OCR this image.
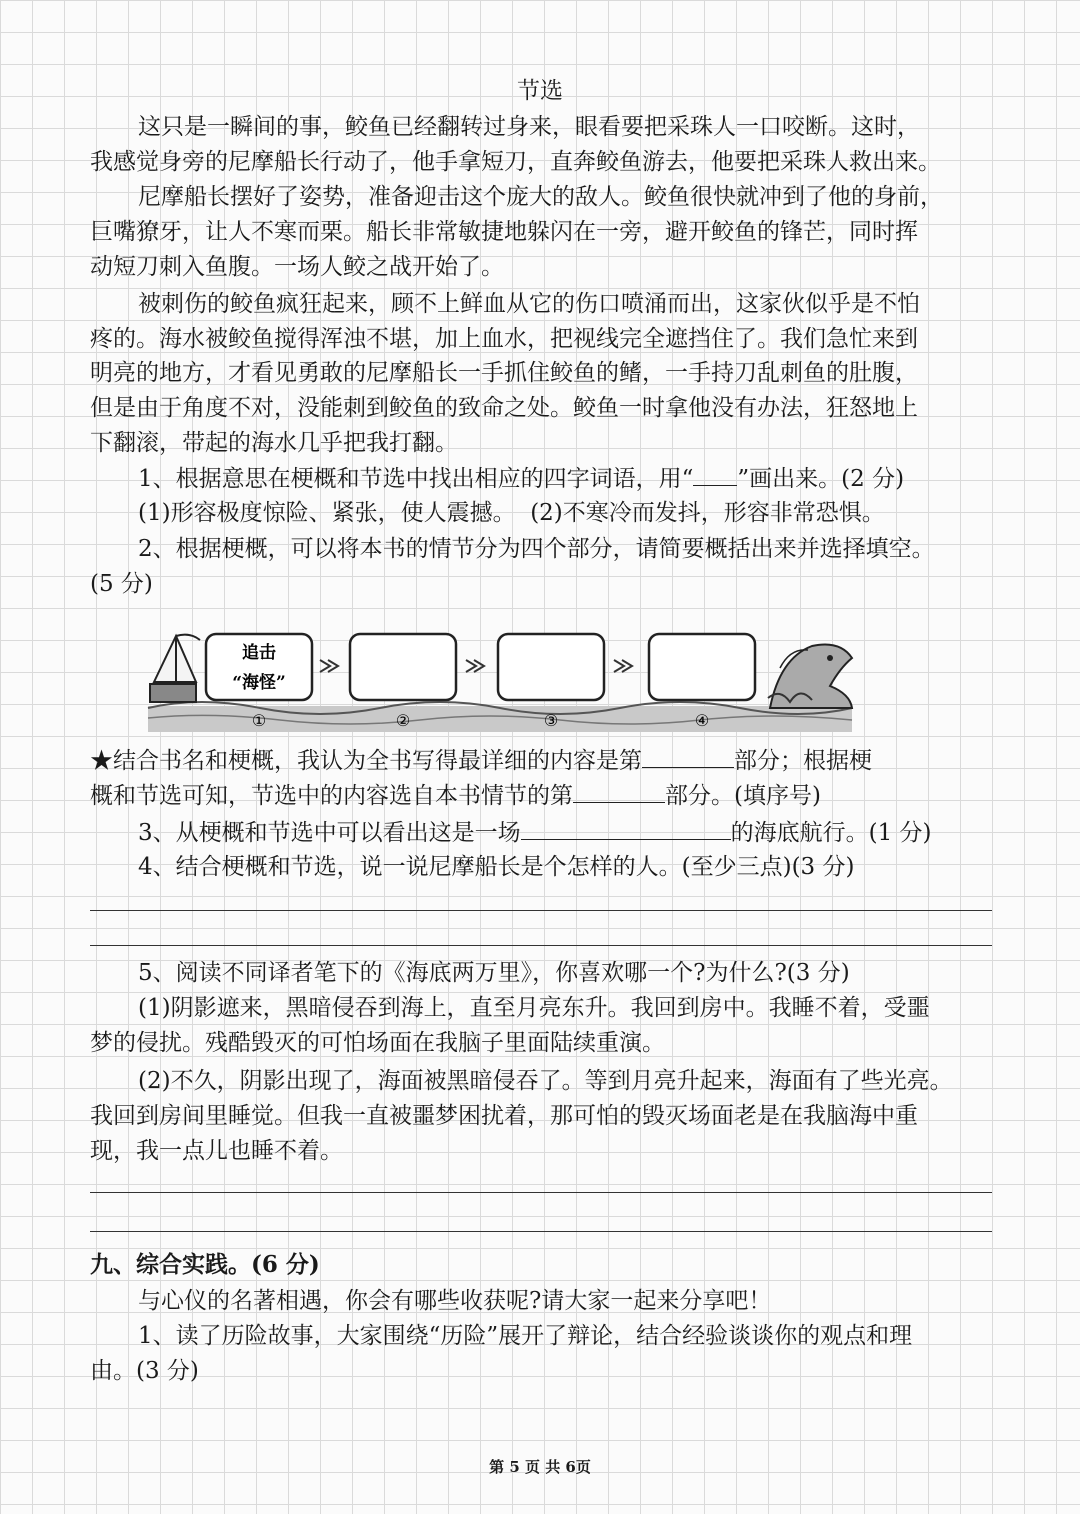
节选
这只是一瞬间的事，鲛鱼已经翻转过身来，眼看要把采珠人一口咬断。这时，
我感觉身旁的尼摩船长行动了，他手拿短刀，直奔鲛鱼游去，他要把采珠人救出来。
尼摩船长摆好了姿势，准备迎击这个庞大的敌人。鲛鱼很快就冲到了他的身前，
巨嘴獠牙，让人不寒而栗。船长非常敏捷地躲闪在一旁，避开鲛鱼的锋芒，同时挥
动短刀刺入鱼腹。一场人鲛之战开始了。
被刺伤的鲛鱼疯狂起来，顾不上鲜血从它的伤口喷涌而出，这家伙似乎是不怕
疼的。海水被鲛鱼搅得浑浊不堪，加上血水，把视线完全遮挡住了。我们急忙来到
明亮的地方，才看见勇敢的尼摩船长一手抓住鲛鱼的鳍，一手持刀乱刺鱼的肚腹，
但是由于角度不对，没能刺到鲛鱼的致命之处。鲛鱼一时拿他没有办法，狂怒地上
下翻滚，带起的海水几乎把我打翻。
1、根据意思在梗概和节选中找出相应的四字词语，用“ ”画出来。(2 分)
(1)形容极度惊险、紧张，使人震撼。  (2)不寒冷而发抖，形容非常恐惧。
2、根据梗概，可以将本书的情节分为四个部分，请简要概括出来并选择填空。
(5 分)
追击
“海怪”
①	②	③	④
★结合书名和梗概，我认为全书写得最详细的内容是第	部分；根据梗
概和节选可知，节选中的内容选自本书情节的第	部分。(填序号)
3、从梗概和节选中可以看出这是一场	的海底航行。(1 分)
4、结合梗概和节选，说一说尼摩船长是个怎样的人。(至少三点)(3 分)
5、阅读不同译者笔下的《海底两万里》，你喜欢哪一个?为什么?(3 分)
(1)阴影遮来，黑暗侵吞到海上，直至月亮东升。我回到房中。我睡不着，受噩
梦的侵扰。残酷毁灭的可怕场面在我脑子里面陆续重演。
(2)不久，阴影出现了，海面被黑暗侵吞了。等到月亮升起来，海面有了些光亮。
我回到房间里睡觉。但我一直被噩梦困扰着，那可怕的毁灭场面老是在我脑海中重
现，我一点儿也睡不着。
九、综合实践。(6 分)
与心仪的名著相遇，你会有哪些收获呢?请大家一起来分享吧！
1、读了历险故事，大家围绕“历险”展开了辩论，结合经验谈谈你的观点和理
由。(3 分)
第 5 页 共 6页
